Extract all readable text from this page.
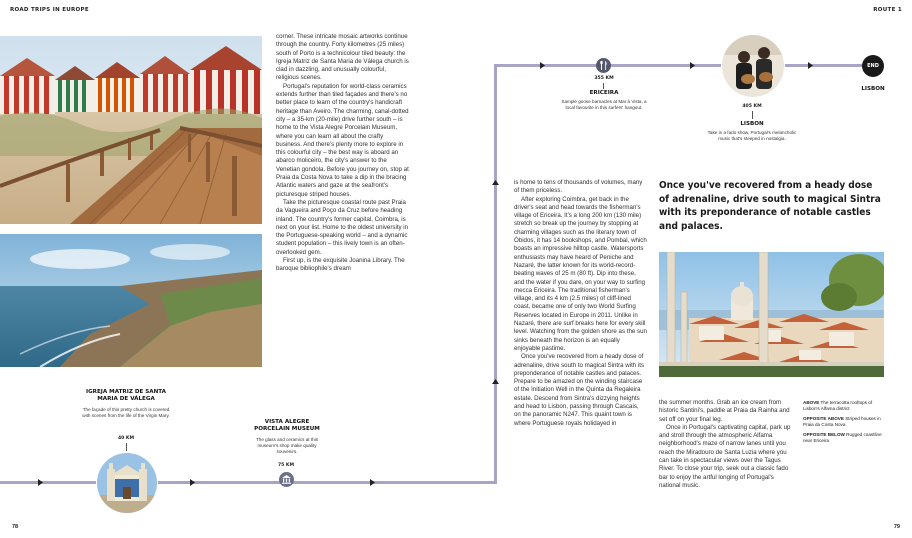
ROAD TRIPS IN EUROPE	ROUTE 1

corner. These intricate mosaic artworks continue through the country. Forty kilometres (25 miles) south of Porto is a technicolour tiled beauty: the Igreja Matriz de Santa Maria de Válega church is clad in dazzling, and unusually colourful, religious scenes.

Portugal's reputation for world-class ceramics extends further than tiled façades and there's no better place to learn of the country's handicraft heritage than Aveiro. The charming, canal-dotted city – a 35-km (20-mile) drive further south – is home to the Vista Alegre Porcelain Museum, where you can learn all about the crafty business. And there's plenty more to explore in this colourful city – the best way is aboard an abarco moliceiro, the city's answer to the Venetian gondola. Before you journey on, stop at Praia da Costa Nova to take a dip in the bracing Atlantic waters and gaze at the seafront's picturesque striped houses.

Take the picturesque coastal route past Praia da Vagueira and Poço da Cruz before heading inland. The country's former capital, Coimbra, is next on your list. Home to the oldest university in the Portuguese-speaking world – and a dynamic student population – this lively town is an often-overlooked gem.

First up, is the exquisite Joanina Library. The baroque bibliophile's dream

is home to tens of thousands of volumes, many of them priceless.

After exploring Coimbra, get back in the driver's seat and head towards the fisherman's village of Ericeira. It's a long 200 km (130 mile) stretch so break up the journey by stopping at charming villages such as the literary town of Óbidos, it has 14 bookshops, and Pombal, which boasts an impressive hilltop castle. Watersports enthusiasts may have heard of Peniche and Nazaré, the latter known for its world-record-beating waves of 25 m (80 ft). Dip into these, and the water if you dare, on your way to surfing mecca Ericeira. The traditional fisherman's village, and its 4 km (2.5 miles) of cliff-lined coast, became one of only two World Surfing Reserves located in Europe in 2011. Unlike in Nazaré, there are surf breaks here for every skill level. Watching from the golden shore as the sun sinks beneath the horizon is an equally enjoyable pastime.

Once you've recovered from a heady dose of adrenaline, drive south to magical Sintra with its preponderance of notable castles and palaces. Prepare to be amazed on the winding staircase of the Initiation Well in the Quinta da Regaleira estate. Descend from Sintra's dizzying heights and head to Lisbon, passing through Cascais, on the panoramic N247. This quaint town is where Portuguese royals holidayed in

Once you've recovered from a heady dose of adrenaline, drive south to magical Sintra with its preponderance of notable castles and palaces.

the summer months. Grab an ice cream from historic Santini's, paddle at Praia da Rainha and set off on your final leg.

Once in Portugal's captivating capital, park up and stroll through the atmospheric Alfama neighborhood's maze of narrow lanes until you reach the Miradouro de Santa Luzia where you can take in spectacular views over the Tagus River. To close your trip, seek out a classic fado bar to enjoy the artful longing of Portugal's national music.

ABOVE The terracotta rooftops of Lisbon's Alfama district
OPPOSITE ABOVE Striped houses in Praia da Costa Nova
OPPOSITE BELOW Rugged coastline near Ericeira
IGREJA MATRIZ DE SANTA MARIA DE VÁLEGA
The façade of this pretty church is covered with scenes from the life of the Virgin Mary.
40 KM
VISTA ALEGRE PORCELAIN MUSEUM
The glass and ceramics at this museum's shop make quality souvenirs.
75 KM
355 KM
ERICEIRA
Sample goose barnacles at Mar à Vista, a local favourite in this surfers' hangout.	405 KM
LISBON
Take in a fado show, Portugal's melancholic music that's steeped in nostalgia.
END
LISBON
78	79
